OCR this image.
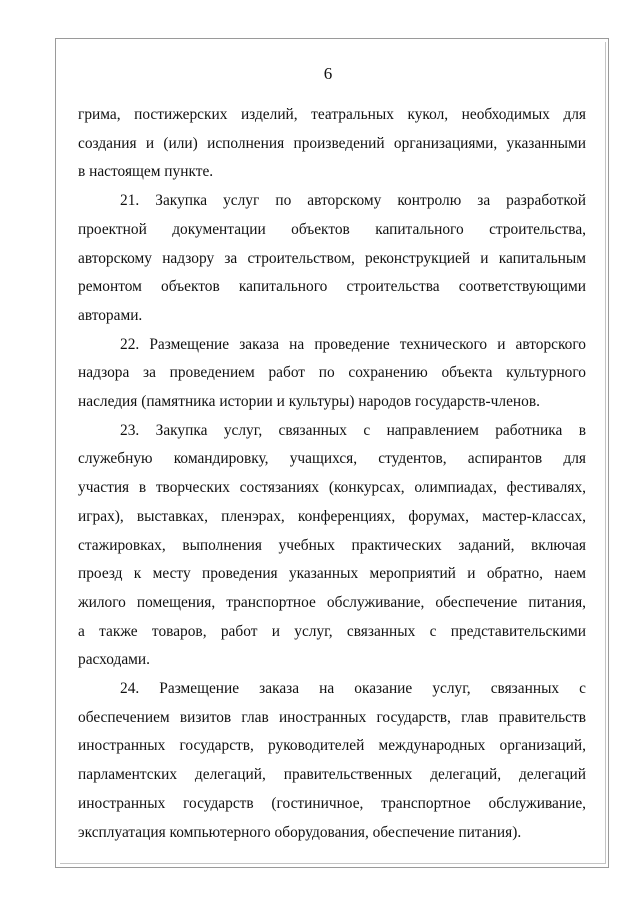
6
грима, постижерских изделий, театральных кукол, необходимых для
создания и (или) исполнения произведений организациями, указанными
в настоящем пункте.
21. Закупка услуг по авторскому контролю за разработкой
проектной документации объектов капитального строительства,
авторскому надзору за строительством, реконструкцией и капитальным
ремонтом объектов капитального строительства соответствующими
авторами.
22. Размещение заказа на проведение технического и авторского
надзора за проведением работ по сохранению объекта культурного
наследия (памятника истории и культуры) народов государств-членов.
23. Закупка услуг, связанных с направлением работника в
служебную командировку, учащихся, студентов, аспирантов для
участия в творческих состязаниях (конкурсах, олимпиадах, фестивалях,
играх), выставках, пленэрах, конференциях, форумах, мастер-классах,
стажировках, выполнения учебных практических заданий, включая
проезд к месту проведения указанных мероприятий и обратно, наем
жилого помещения, транспортное обслуживание, обеспечение питания,
а также товаров, работ и услуг, связанных с представительскими
расходами.
24. Размещение заказа на оказание услуг, связанных с
обеспечением визитов глав иностранных государств, глав правительств
иностранных государств, руководителей международных организаций,
парламентских делегаций, правительственных делегаций, делегаций
иностранных государств (гостиничное, транспортное обслуживание,
эксплуатация компьютерного оборудования, обеспечение питания).
